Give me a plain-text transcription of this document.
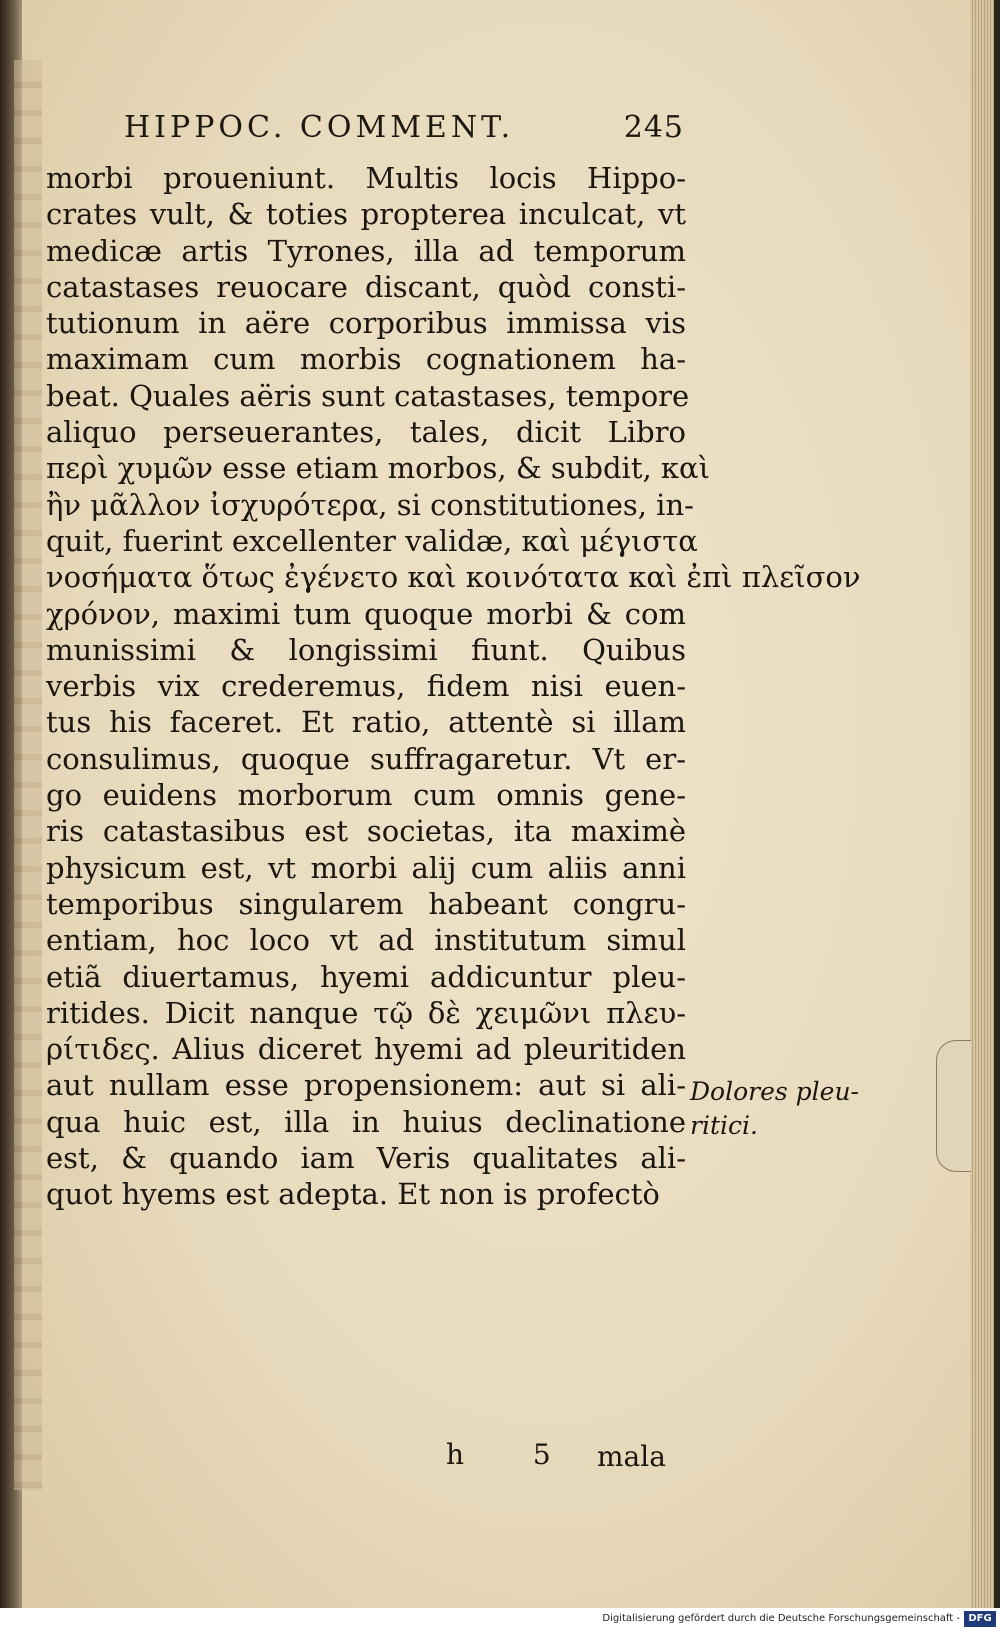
HIPPOC. COMMENT.	245
morbi proueniunt. Multis locis Hippo-
crates vult, & toties propterea inculcat, vt
medicæ artis Tyrones, illa ad temporum
catastases reuocare discant, quòd consti-
tutionum in aëre corporibus immissa vis
maximam cum morbis cognationem ha-
beat. Quales aëris sunt catastases, tempore
aliquo perseuerantes, tales, dicit Libro
περὶ χυμῶν esse etiam morbos, & subdit, καὶ
ἢν μᾶλλον ἰσχυρότερα, si constitutiones, in-
quit, fuerint excellenter validæ, καὶ μέγιστα
νοσήματα ὅτως ἐγένετο καὶ κοινότατα καὶ ἐπὶ πλεῖσον
χρόνον, maximi tum quoque morbi & com
munissimi & longissimi fiunt. Quibus
verbis vix crederemus, fidem nisi euen-
tus his faceret. Et ratio, attentè si illam
consulimus, quoque suffragaretur. Vt er-
go euidens morborum cum omnis gene-
ris catastasibus est societas, ita maximè
physicum est, vt morbi alij cum aliis anni
temporibus singularem habeant congru-
entiam, hoc loco vt ad institutum simul
etiã diuertamus, hyemi addicuntur pleu-
ritides. Dicit nanque τῷ δὲ χειμῶνι πλευ-
ρίτιδες. Alius diceret hyemi ad pleuritiden
aut nullam esse propensionem: aut si ali-
qua huic est, illa in huius declinatione
est, & quando iam Veris qualitates ali-
quot hyems est adepta. Et non is profectò
Dolores pleu-
ritici.
h 5 mala
Digitalisierung gefördert durch die Deutsche Forschungsgemeinschaft - DFG
